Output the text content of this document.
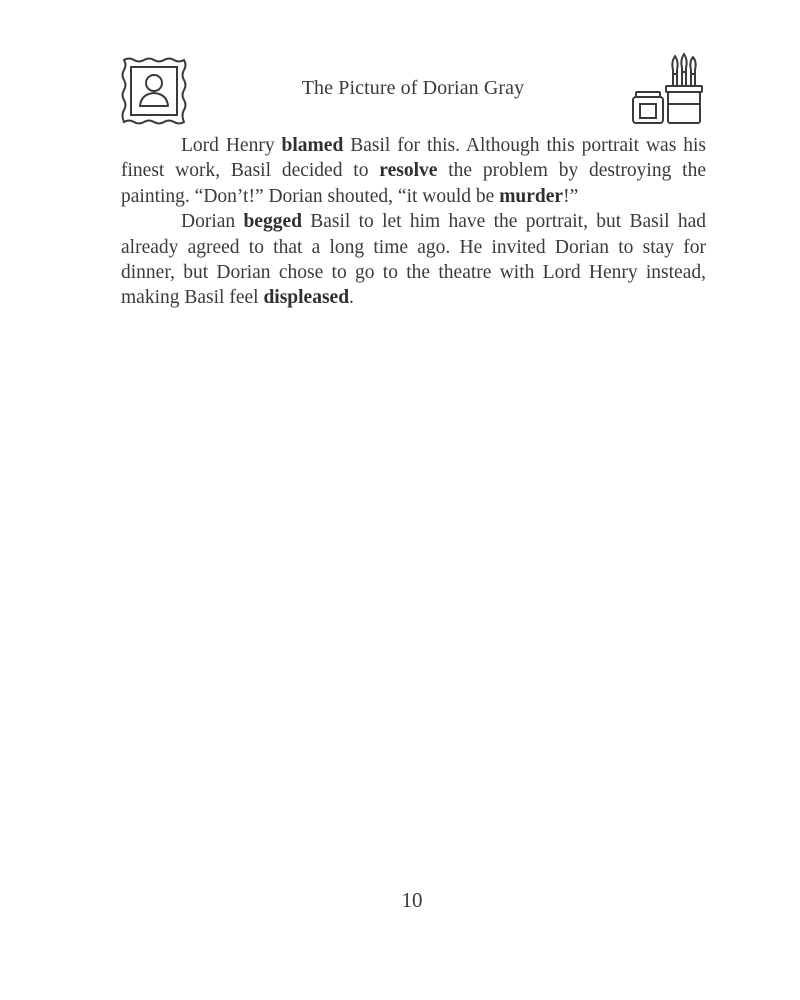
The Picture of Dorian Gray

Lord Henry blamed Basil for this. Although this portrait was his finest work, Basil decided to resolve the problem by destroying the painting. “Don’t!” Dorian shouted, “it would be murder!”

Dorian begged Basil to let him have the portrait, but Basil had already agreed to that a long time ago. He invited Dorian to stay for dinner, but Dorian chose to go to the theatre with Lord Henry instead, making Basil feel displeased.

10
